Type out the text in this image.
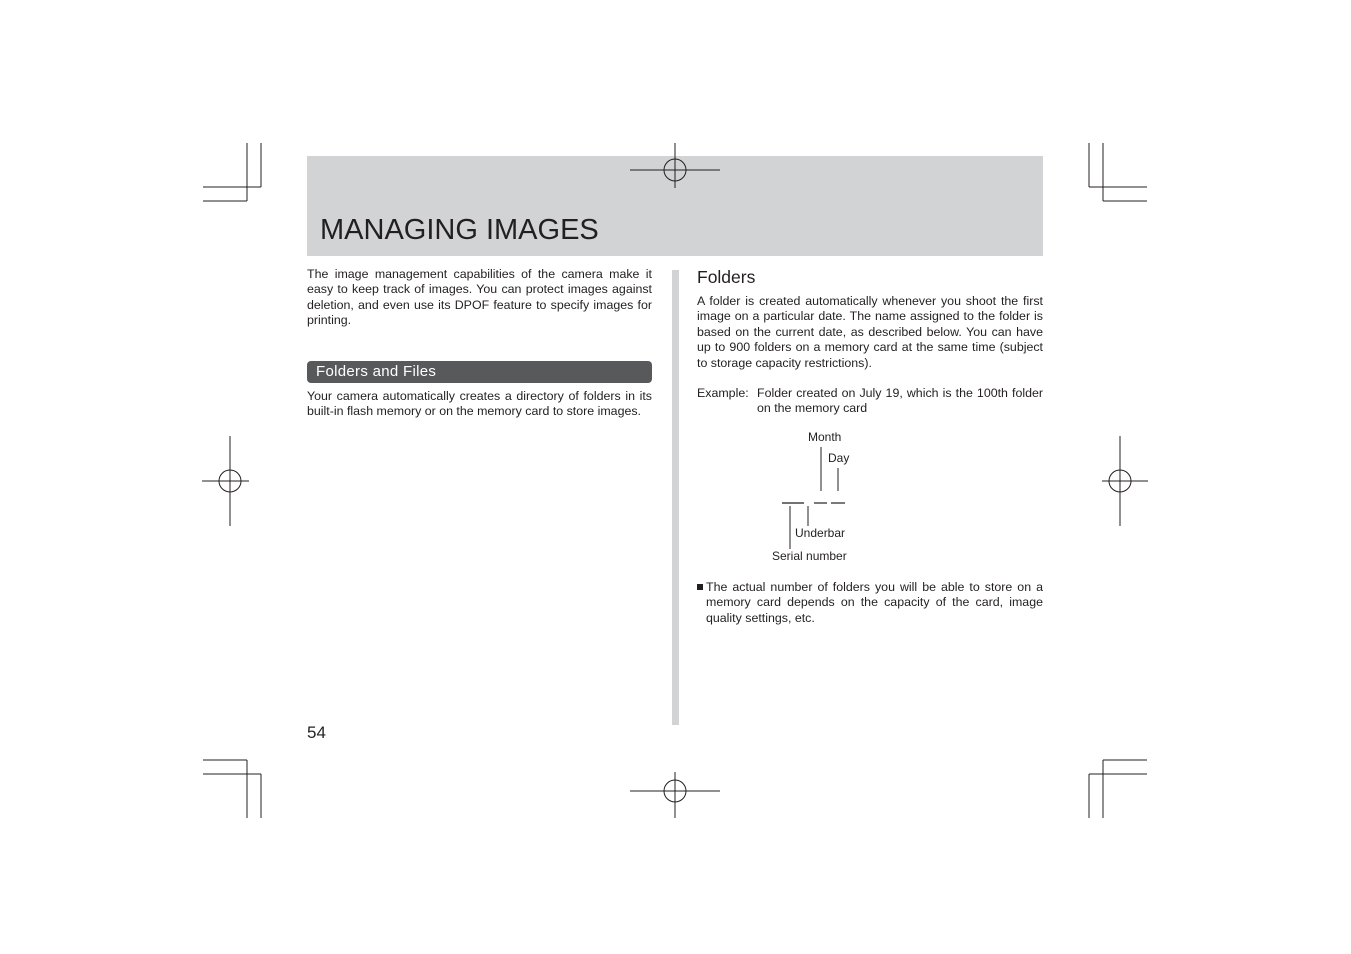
MANAGING IMAGES
The image management capabilities of the camera make it easy to keep track of images. You can protect images against deletion, and even use its DPOF feature to specify images for printing.
Folders and Files
Your camera automatically creates a directory of folders in its built-in flash memory or on the memory card to store images.
Folders
A folder is created automatically whenever you shoot the first image on a particular date. The name assigned to the folder is based on the current date, as described below. You can have up to 900 folders on a memory card at the same time (subject to storage capacity restrictions).
Example: Folder created on July 19, which is the 100th folder on the memory card
Month
Day
Underbar
Serial number
The actual number of folders you will be able to store on a memory card depends on the capacity of the card, image quality settings, etc.
54
